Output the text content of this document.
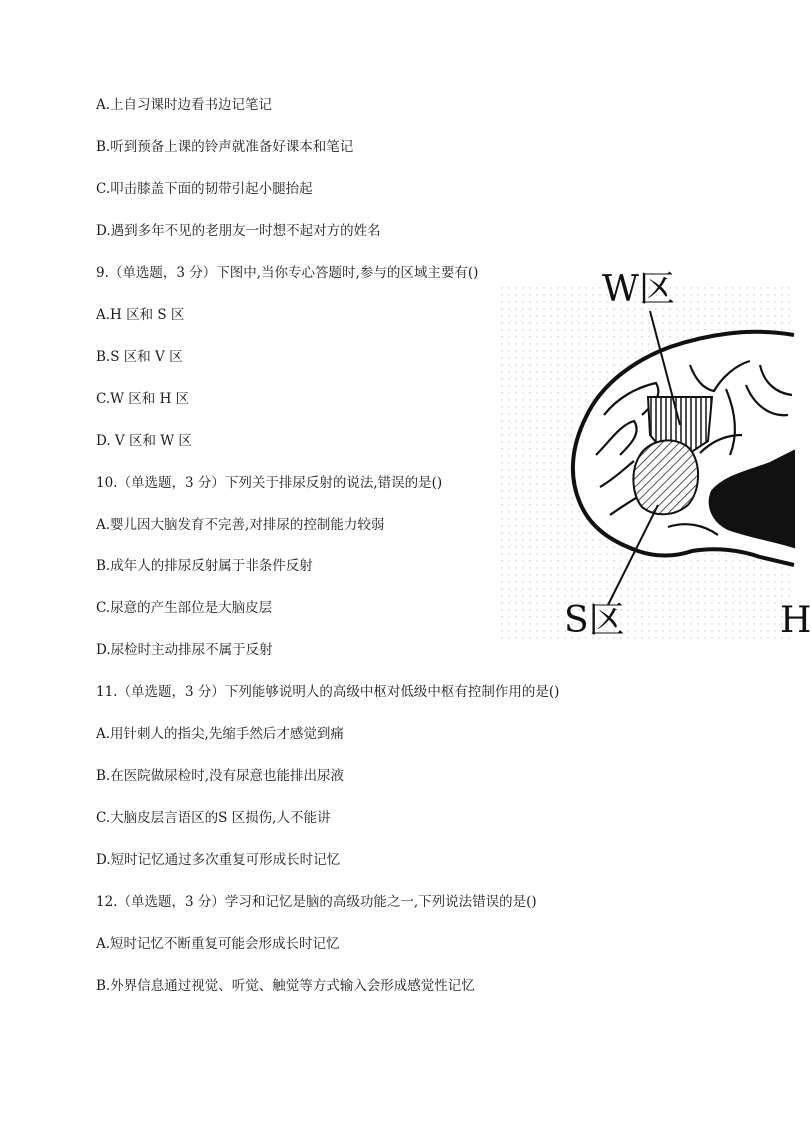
A.上自习课时边看书边记笔记
B.听到预备上课的铃声就准备好课本和笔记
C.叩击膝盖下面的韧带引起小腿抬起
D.遇到多年不见的老朋友一时想不起对方的姓名
9.（单选题，3 分）下图中,当你专心答题时,参与的区域主要有()
A.H 区和 S 区
B.S 区和 V 区
C.W 区和 H 区
D. V 区和 W 区
10.（单选题，3 分）下列关于排尿反射的说法,错误的是()
A.婴儿因大脑发育不完善,对排尿的控制能力较弱
B.成年人的排尿反射属于非条件反射
C.尿意的产生部位是大脑皮层
D.尿检时主动排尿不属于反射
11.（单选题，3 分）下列能够说明人的高级中枢对低级中枢有控制作用的是()
A.用针刺人的指尖,先缩手然后才感觉到痛
B.在医院做尿检时,没有尿意也能排出尿液
C.大脑皮层言语区的S 区损伤,人不能讲
D.短时记忆通过多次重复可形成长时记忆
12.（单选题，3 分）学习和记忆是脑的高级功能之一,下列说法错误的是()
A.短时记忆不断重复可能会形成长时记忆
B.外界信息通过视觉、听觉、触觉等方式输入会形成感觉性记忆
W区
S区	H
